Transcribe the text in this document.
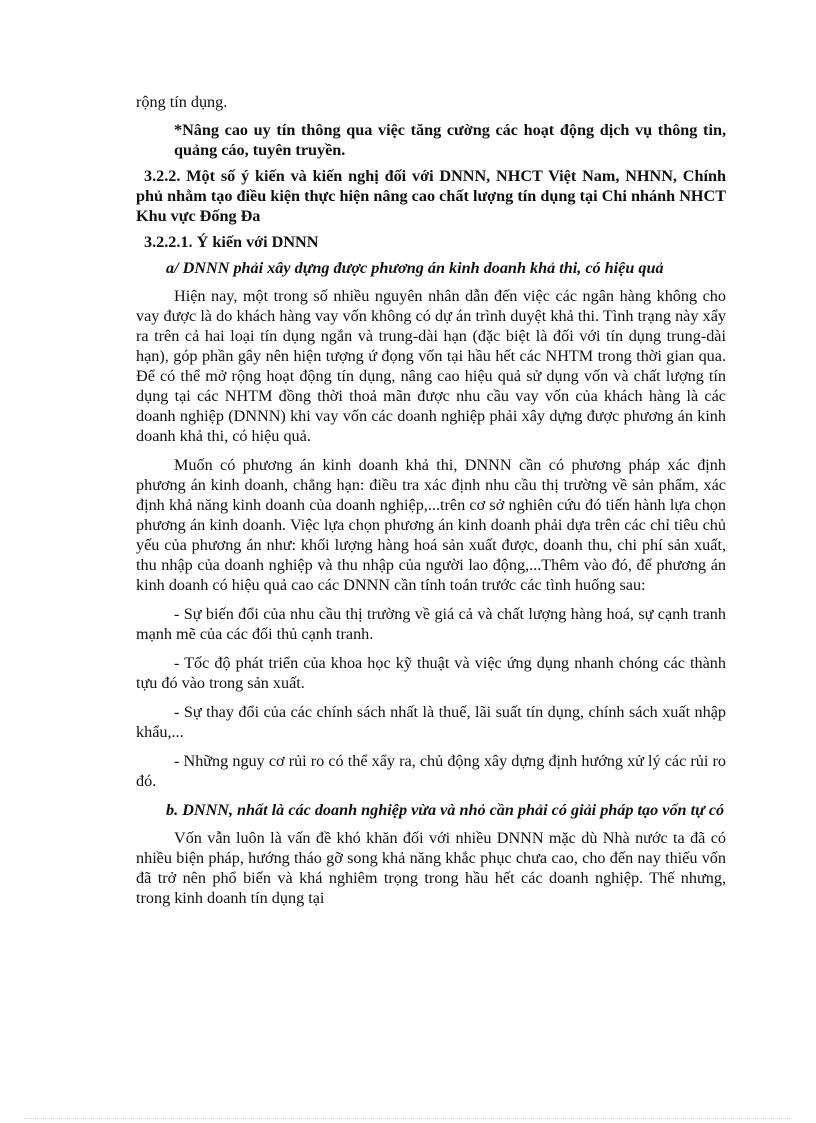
rộng tín dụng.

*Nâng cao uy tín thông qua việc tăng cường các hoạt động dịch vụ thông tin, quảng cáo, tuyên truyền.

3.2.2. Một số ý kiến và kiến nghị đối với DNNN, NHCT Việt Nam, NHNN, Chính phủ nhằm tạo điều kiện thực hiện nâng cao chất lượng tín dụng tại Chi nhánh NHCT Khu vực Đống Đa

3.2.2.1. Ý kiến với DNNN

a/ DNNN phải xây dựng được phương án kinh doanh khả thi, có hiệu quả

Hiện nay, một trong số nhiều nguyên nhân dẫn đến việc các ngân hàng không cho vay được là do khách hàng vay vốn không có dự án trình duyệt khả thi. Tình trạng này xẩy ra trên cả hai loại tín dụng ngắn và trung-dài hạn (đặc biệt là đối với tín dụng trung-dài hạn), góp phần gây nên hiện tượng ứ đọng vốn tại hầu hết các NHTM trong thời gian qua. Để có thể mở rộng hoạt động tín dụng, nâng cao hiệu quả sử dụng vốn và chất lượng tín dụng tại các NHTM đồng thời thoả mãn được nhu cầu vay vốn của khách hàng là các doanh nghiệp (DNNN) khi vay vốn các doanh nghiệp phải xây dựng được phương án kinh doanh khả thi, có hiệu quả.

Muốn có phương án kinh doanh khả thi, DNNN cần có phương pháp xác định phương án kinh doanh, chẳng hạn: điều tra xác định nhu cầu thị trường về sản phẩm, xác định khả năng kinh doanh của doanh nghiệp,...trên cơ sở nghiên cứu đó tiến hành lựa chọn phương án kinh doanh. Việc lựa chọn phương án kinh doanh phải dựa trên các chỉ tiêu chủ yếu của phương án như: khối lượng hàng hoá sản xuất được, doanh thu, chi phí sản xuất, thu nhập của doanh nghiệp và thu nhập của người lao động,...Thêm vào đó, để phương án kinh doanh có hiệu quả cao các DNNN cần tính toán trước các tình huống sau:

- Sự biến đổi của nhu cầu thị trường về giá cả và chất lượng hàng hoá, sự cạnh tranh mạnh mẽ của các đối thủ cạnh tranh.

- Tốc độ phát triển của khoa học kỹ thuật và việc ứng dụng nhanh chóng các thành tựu đó vào trong sản xuất.

- Sự thay đổi của các chính sách nhất là thuế, lãi suất tín dụng, chính sách xuất nhập khẩu,...

- Những nguy cơ rủi ro có thể xẩy ra, chủ động xây dựng định hướng xử lý các rủi ro đó.

b. DNNN, nhất là các doanh nghiệp vừa và nhỏ cần phải có giải pháp tạo vốn tự có

Vốn vẫn luôn là vấn đề khó khăn đối với nhiều DNNN mặc dù Nhà nước ta đã có nhiều biện pháp, hướng tháo gỡ song khả năng khắc phục chưa cao, cho đến nay thiếu vốn đã trở nên phổ biến và khá nghiêm trọng trong hầu hết các doanh nghiệp. Thế nhưng, trong kinh doanh tín dụng tại
